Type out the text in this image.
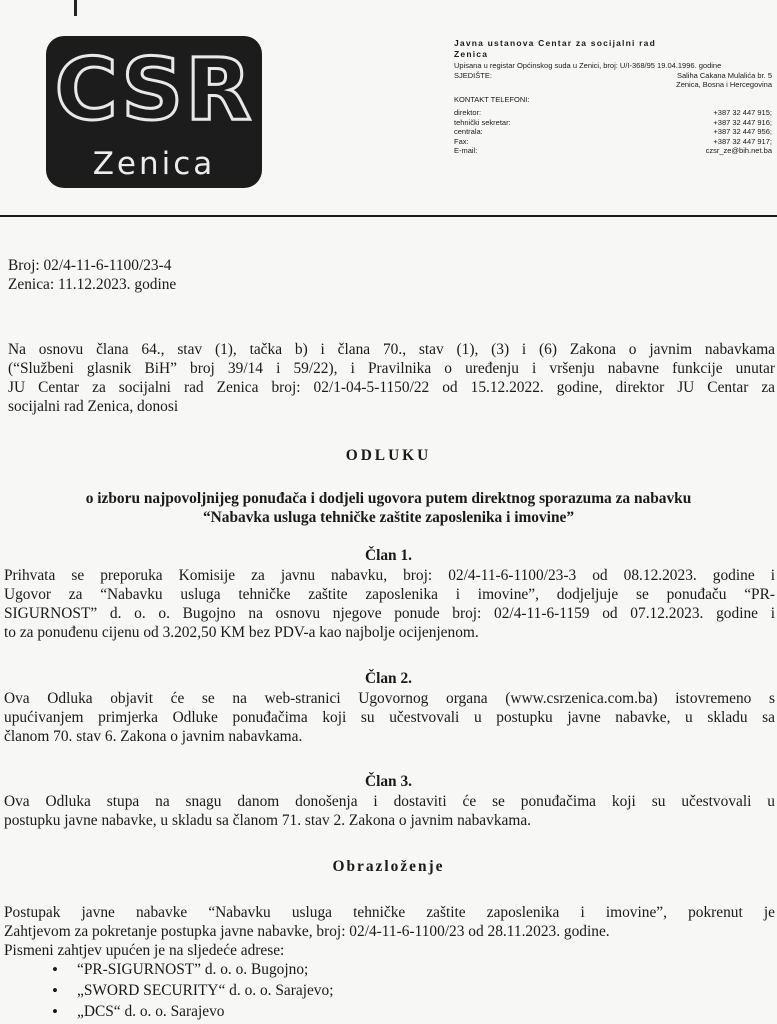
CSR
Zenica
Javna ustanova Centar za socijalni rad
Zenica
Upisana u registar Općinskog suda u Zenici, broj: U/I-368/95 19.04.1996. godine
SJEDIŠTE:	Saliha Cakana Mulalića br. 5
Zenica, Bosna i Hercegovina
KONTAKT TELEFONI:
direktor:	+387 32 447 915;
tehnički sekretar:	+387 32 447 916;
centrala:	+387 32 447 956;
Fax:	+387 32 447 917;
E-mail:	czsr_ze@bih.net.ba
Broj: 02/4-11-6-1100/23-4
Zenica: 11.12.2023. godine
Na osnovu člana 64., stav (1), tačka b) i člana 70., stav (1), (3) i (6) Zakona o javnim nabavkama
(“Službeni glasnik BiH” broj 39/14 i 59/22), i Pravilnika o uređenju i vršenju nabavne funkcije unutar
JU Centar za socijalni rad Zenica broj: 02/1-04-5-1150/22 od 15.12.2022. godine, direktor JU Centar za
socijalni rad Zenica, donosi
ODLUKU
o izboru najpovoljnijeg ponuđača i dodjeli ugovora putem direktnog sporazuma za nabavku
“Nabavka usluga tehničke zaštite zaposlenika i imovine”
Član 1.
Prihvata se preporuka Komisije za javnu nabavku, broj: 02/4-11-6-1100/23-3 od 08.12.2023. godine i
Ugovor za “Nabavku usluga tehničke zaštite zaposlenika i imovine”, dodjeljuje se ponuđaču “PR-
SIGURNOST” d. o. o. Bugojno na osnovu njegove ponude broj: 02/4-11-6-1159 od 07.12.2023. godine i
to za ponuđenu cijenu od 3.202,50 KM bez PDV-a kao najbolje ocijenjenom.
Član 2.
Ova Odluka objavit će se na web-stranici Ugovornog organa (www.csrzenica.com.ba) istovremeno s
upućivanjem primjerka Odluke ponuđačima koji su učestvovali u postupku javne nabavke, u skladu sa
članom 70. stav 6. Zakona o javnim nabavkama.
Član 3.
Ova Odluka stupa na snagu danom donošenja i dostaviti će se ponuđačima koji su učestvovali u
postupku javne nabavke, u skladu sa članom 71. stav 2. Zakona o javnim nabavkama.
Obrazloženje
Postupak javne nabavke “Nabavku usluga tehničke zaštite zaposlenika i imovine”, pokrenut je
Zahtjevom za pokretanje postupka javne nabavke, broj: 02/4-11-6-1100/23 od 28.11.2023. godine.
Pismeni zahtjev upućen je na sljedeće adrese:
• “PR-SIGURNOST” d. o. o. Bugojno;
• „SWORD SECURITY“ d. o. o. Sarajevo;
• „DCS“ d. o. o. Sarajevo
